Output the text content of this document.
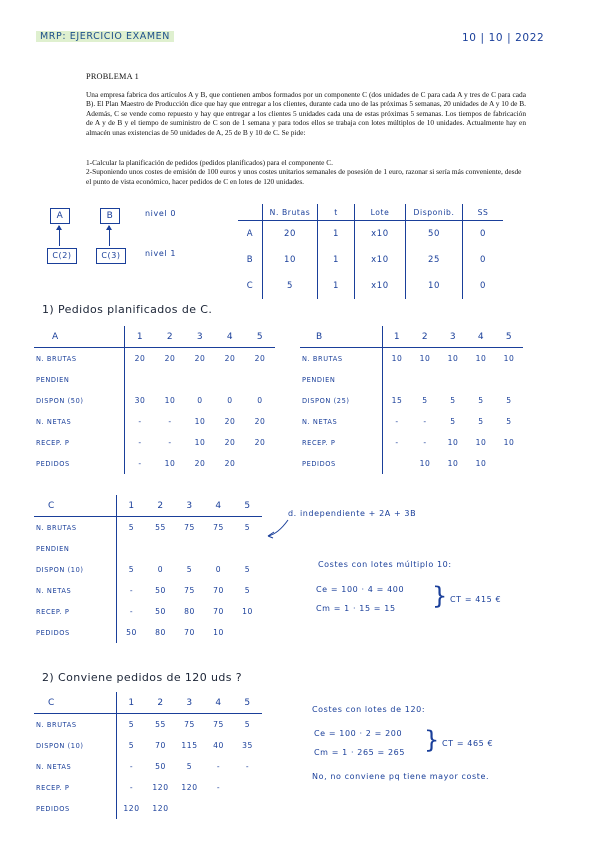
MRP: EJERCICIO EXAMEN	10 | 10 | 2022
PROBLEMA 1

Una empresa fabrica dos artículos A y B, que contienen ambos formados por un componente C (dos unidades de C para cada A y tres de C para cada B). El Plan Maestro de Producción dice que hay que entregar a los clientes, durante cada uno de las próximas 5 semanas, 20 unidades de A y 10 de B. Además, C se vende como repuesto y hay que entregar a los clientes 5 unidades cada una de estas próximas 5 semanas. Los tiempos de fabricación de A y de B y el tiempo de suministro de C son de 1 semana y para todos ellos se trabaja con lotes múltiplos de 10 unidades. Actualmente hay en almacén unas existencias de 50 unidades de A, 25 de B y 10 de C. Se pide:

1-Calcular la planificación de pedidos (pedidos planificados) para el componente C.

2-Suponiendo unos costes de emisión de 100 euros y unos costes unitarios semanales de posesión de 1 euro, razonar si sería más conveniente, desde el punto de vista económico, hacer pedidos de C en lotes de 120 unidades.

A	B
C(2)	C(3)
nivel 0
nivel 1
	N. Brutas	t	Lote	Disponib.	SS
A	20	1	x10	50	0
B	10	1	x10	25	0
C	5	1	x10	10	0
1) Pedidos planificados de C.
A	1	2	3	4	5
N. BRUTAS	20	20	20	20	20
PENDIEN					
DISPON (50)	30	10	0	0	0
N. NETAS	-	-	10	20	20
RECEP. P	-	-	10	20	20
PEDIDOS	-	10	20	20	
B	1	2	3	4	5
N. BRUTAS	10	10	10	10	10
PENDIEN					
DISPON (25)	15	5	5	5	5
N. NETAS	-	-	5	5	5
RECEP. P	-	-	10	10	10
PEDIDOS		10	10	10	
C	1	2	3	4	5
N. BRUTAS	5	55	75	75	5
PENDIEN					
DISPON (10)	5	0	5	0	5
N. NETAS	-	50	75	70	5
RECEP. P	-	50	80	70	10
PEDIDOS	50	80	70	10	
d. independiente + 2A + 3B
Costes con lotes múltiplo 10:
Ce = 100 · 4 = 400
Cm = 1 · 15 = 15 } CT = 415 €
2) Conviene pedidos de 120 uds ?
C	1	2	3	4	5
N. BRUTAS	5	55	75	75	5
DISPON (10)	5	70	115	40	35
N. NETAS	-	50	5	-	-
RECEP. P	-	120	120	-	
PEDIDOS	120	120			
Costes con lotes de 120:
Ce = 100 · 2 = 200
Cm = 1 · 265 = 265 } CT = 465 €
No, no conviene pq tiene mayor coste.
